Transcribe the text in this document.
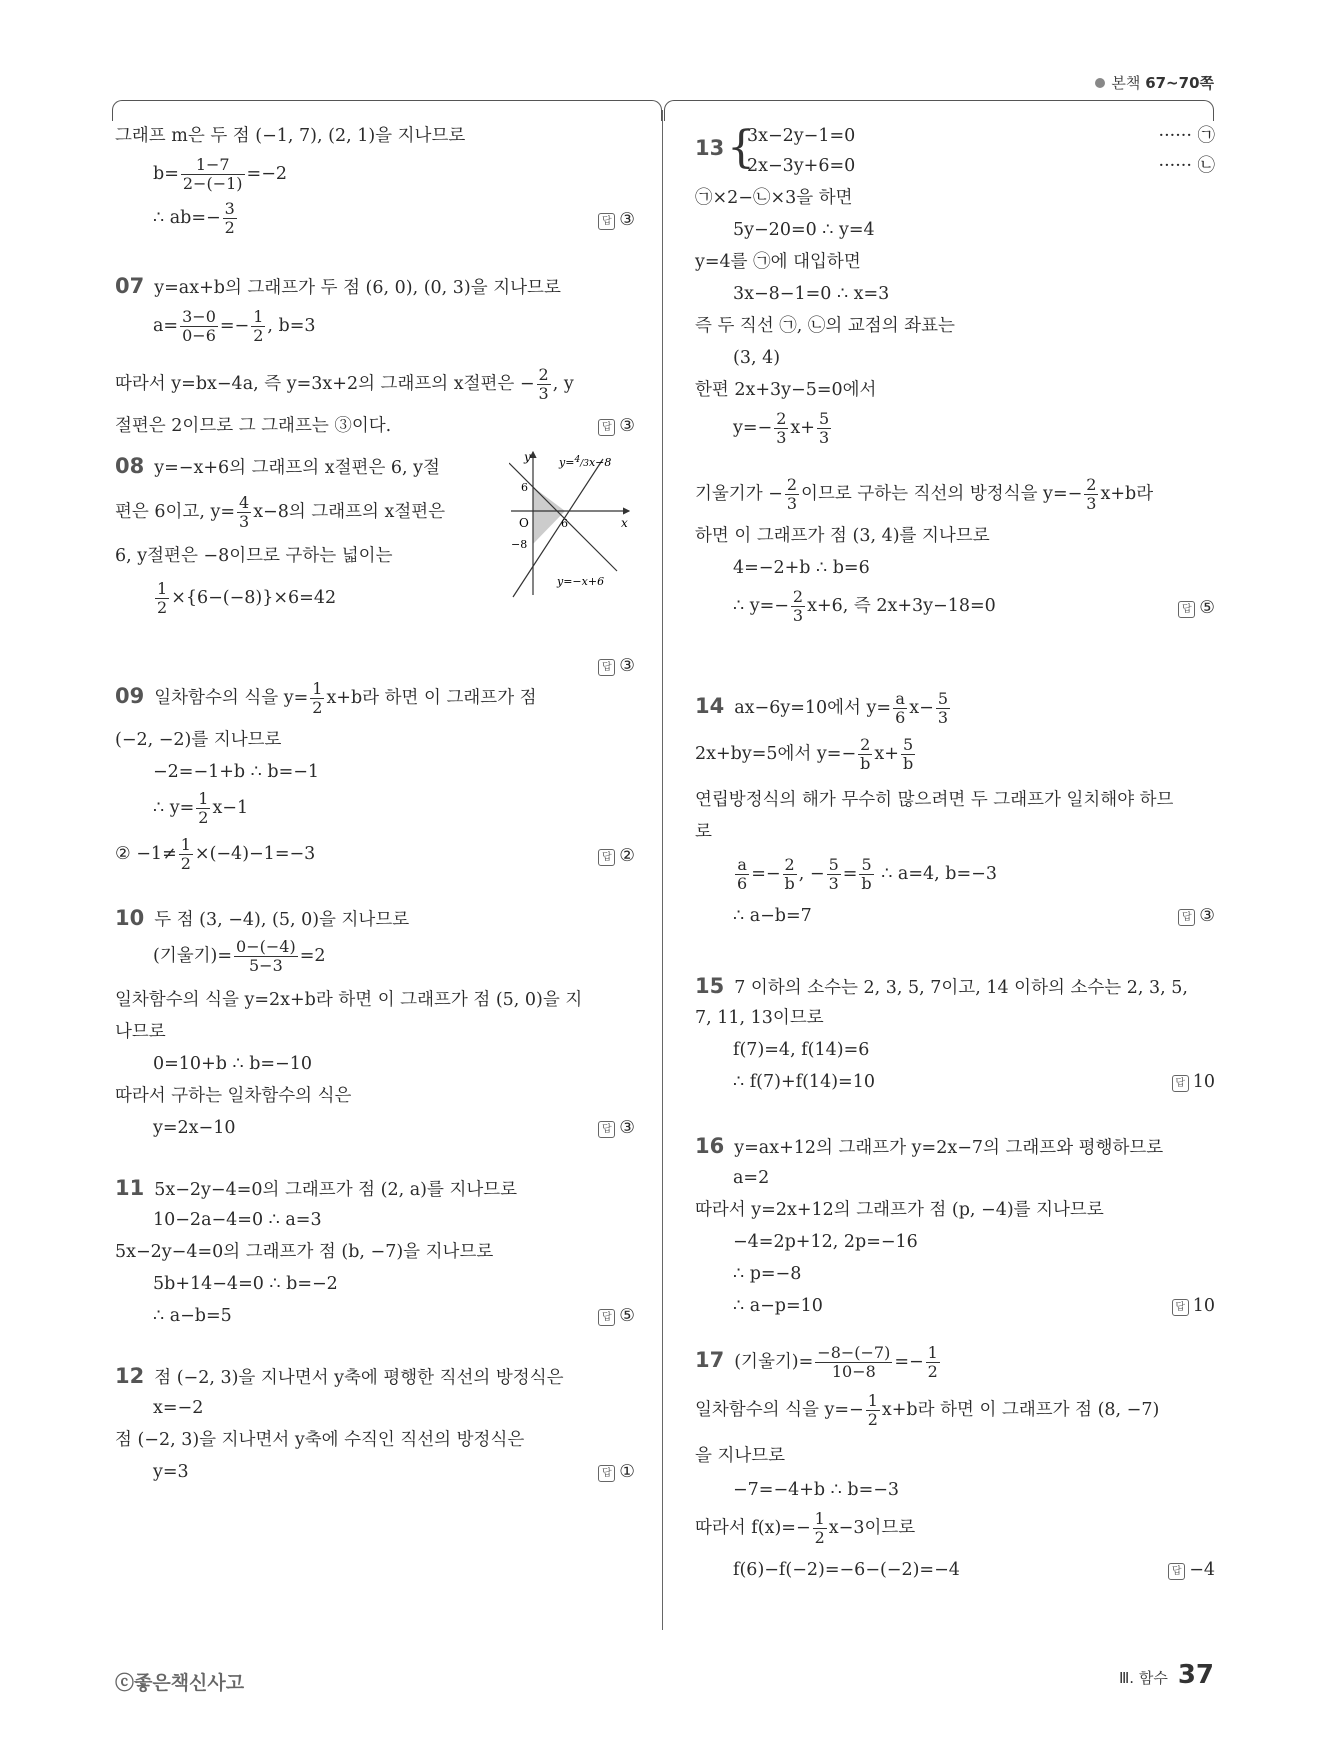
본책 67~70쪽
그래프 m은 두 점 (−1, 7), (2, 1)을 지나므로
$b= \frac{1-7}{2-(-1)} =-2$
∴ $ab=- \frac{3}{2}$	답 ③
07 y=ax+b의 그래프가 두 점 (6, 0), (0, 3)을 지나므로
$a= \frac{3-0}{0-6} =- \frac{1}{2}$ , b=3
따라서 y=bx−4a, 즉 y=3x+2의 그래프의 x절편은 − $\frac{2}{3}$ , y
절편은 2이므로 그 그래프는 ③이다.	답 ③
08 y=−x+6의 그래프의 x절편은 6, y절
편은 6이고, $y= \frac{4}{3} x-8$의 그래프의 x절편은
6, y절편은 −8이므로 구하는 넓이는
$\frac{1}{2} \times\{6-(-8)\}\times 6=42$
답 ③
y
x
O
6
6
−8
y=$^4_/$3x−8
y=−x+6
09 일차함수의 식을 $y= \frac{1}{2} x+b$라 하면 이 그래프가 점
(−2, −2)를 지나므로
−2=−1+b ∴ b=−1
∴ $y= \frac{1}{2} x-1$
② $-1\ne \frac{1}{2} \times(-4)-1=-3$	답 ②
10 두 점 (3, −4), (5, 0)을 지나므로
(기울기)= $\frac{0-(-4)}{5-3} =2$
일차함수의 식을 y=2x+b라 하면 이 그래프가 점 (5, 0)을 지
나므로
0=10+b ∴ b=−10
따라서 구하는 일차함수의 식은
y=2x−10	답 ③
11 5x−2y−4=0의 그래프가 점 (2, a)를 지나므로
10−2a−4=0 ∴ a=3
5x−2y−4=0의 그래프가 점 (b, −7)을 지나므로
5b+14−4=0 ∴ b=−2
∴ a−b=5	답 ⑤
12 점 (−2, 3)을 지나면서 y축에 평행한 직선의 방정식은
x=−2
점 (−2, 3)을 지나면서 y축에 수직인 직선의 방정식은
y=3	답 ①
13 {
3x−2y−1=0	······ ㉠
2x−3y+6=0	······ ㉡
㉠×2−㉡×3을 하면
5y−20=0 ∴ y=4
y=4를 ㉠에 대입하면
3x−8−1=0 ∴ x=3
즉 두 직선 ㉠, ㉡의 교점의 좌표는
(3, 4)
한편 2x+3y−5=0에서
$y=- \frac{2}{3} x+ \frac{5}{3}$
기울기가 − $\frac{2}{3}$ 이므로 구하는 직선의 방정식을 $y=- \frac{2}{3} x+b$라
하면 이 그래프가 점 (3, 4)를 지나므로
4=−2+b ∴ b=6
∴ $y=- \frac{2}{3} x+6$, 즉 2x+3y−18=0	답 ⑤
14 ax−6y=10에서 $y= \frac{a}{6} x- \frac{5}{3}$
2x+by=5에서 $y=- \frac{2}{b} x+ \frac{5}{b}$
연립방정식의 해가 무수히 많으려면 두 그래프가 일치해야 하므
로
$\frac{a}{6} =- \frac{2}{b}$ , − $\frac{5}{3} = \frac{5}{b}$ ∴ a=4, b=−3
∴ a−b=7	답 ③
15 7 이하의 소수는 2, 3, 5, 7이고, 14 이하의 소수는 2, 3, 5,
7, 11, 13이므로
f(7)=4, f(14)=6
∴ f(7)+f(14)=10	답 10
16 y=ax+12의 그래프가 y=2x−7의 그래프와 평행하므로
a=2
따라서 y=2x+12의 그래프가 점 (p, −4)를 지나므로
−4=2p+12, 2p=−16
∴ p=−8
∴ a−p=10	답 10
17 (기울기)= $\frac{-8-(-7)}{10-8} =- \frac{1}{2}$
일차함수의 식을 $y=- \frac{1}{2} x+b$라 하면 이 그래프가 점 (8, −7)
을 지나므로
−7=−4+b ∴ b=−3
따라서 $f(x)=- \frac{1}{2} x-3$이므로
f(6)−f(−2)=−6−(−2)=−4	답 −4
ⓒ좋은책신사고	Ⅲ. 함수 37
